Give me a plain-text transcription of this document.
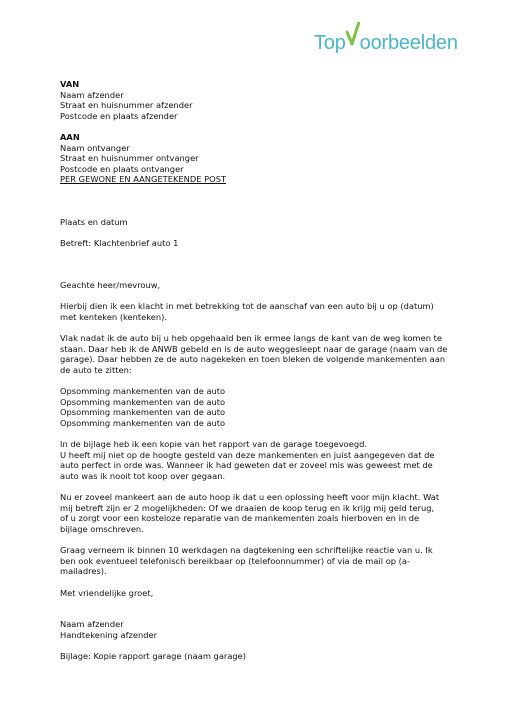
Top oorbeelden
VAN
Naam afzender
Straat en huisnummer afzender
Postcode en plaats afzender
AAN
Naam ontvanger
Straat en huisnummer ontvanger
Postcode en plaats ontvanger
PER GEWONE EN AANGETEKENDE POST
Plaats en datum
Betreft: Klachtenbrief auto 1
Geachte heer/mevrouw,
Hierbij dien ik een klacht in met betrekking tot de aanschaf van een auto bij u op (datum)
met kenteken (kenteken).
Vlak nadat ik de auto bij u heb opgehaald ben ik ermee langs de kant van de weg komen te
staan. Daar heb ik de ANWB gebeld en is de auto weggesleept naar de garage (naam van de
garage). Daar hebben ze de auto nagekeken en toen bleken de volgende mankementen aan
de auto te zitten:
Opsomming mankementen van de auto
Opsomming mankementen van de auto
Opsomming mankementen van de auto
Opsomming mankementen van de auto
In de bijlage heb ik een kopie van het rapport van de garage toegevoegd.
U heeft mij niet op de hoogte gesteld van deze mankementen en juist aangegeven dat de
auto perfect in orde was. Wanneer ik had geweten dat er zoveel mis was geweest met de
auto was ik nooit tot koop over gegaan.
Nu er zoveel mankeert aan de auto hoop ik dat u een oplossing heeft voor mijn klacht. Wat
mij betreft zijn er 2 mogelijkheden: Of we draaien de koop terug en ik krijg mij geld terug,
of u zorgt voor een kosteloze reparatie van de mankementen zoals hierboven en in de
bijlage omschreven.
Graag verneem ik binnen 10 werkdagen na dagtekening een schriftelijke reactie van u. Ik
ben ook eventueel telefonisch bereikbaar op (telefoonnummer) of via de mail op (a-
mailadres).
Met vriendelijke groet,
Naam afzender
Handtekening afzender
Bijlage: Kopie rapport garage (naam garage)
